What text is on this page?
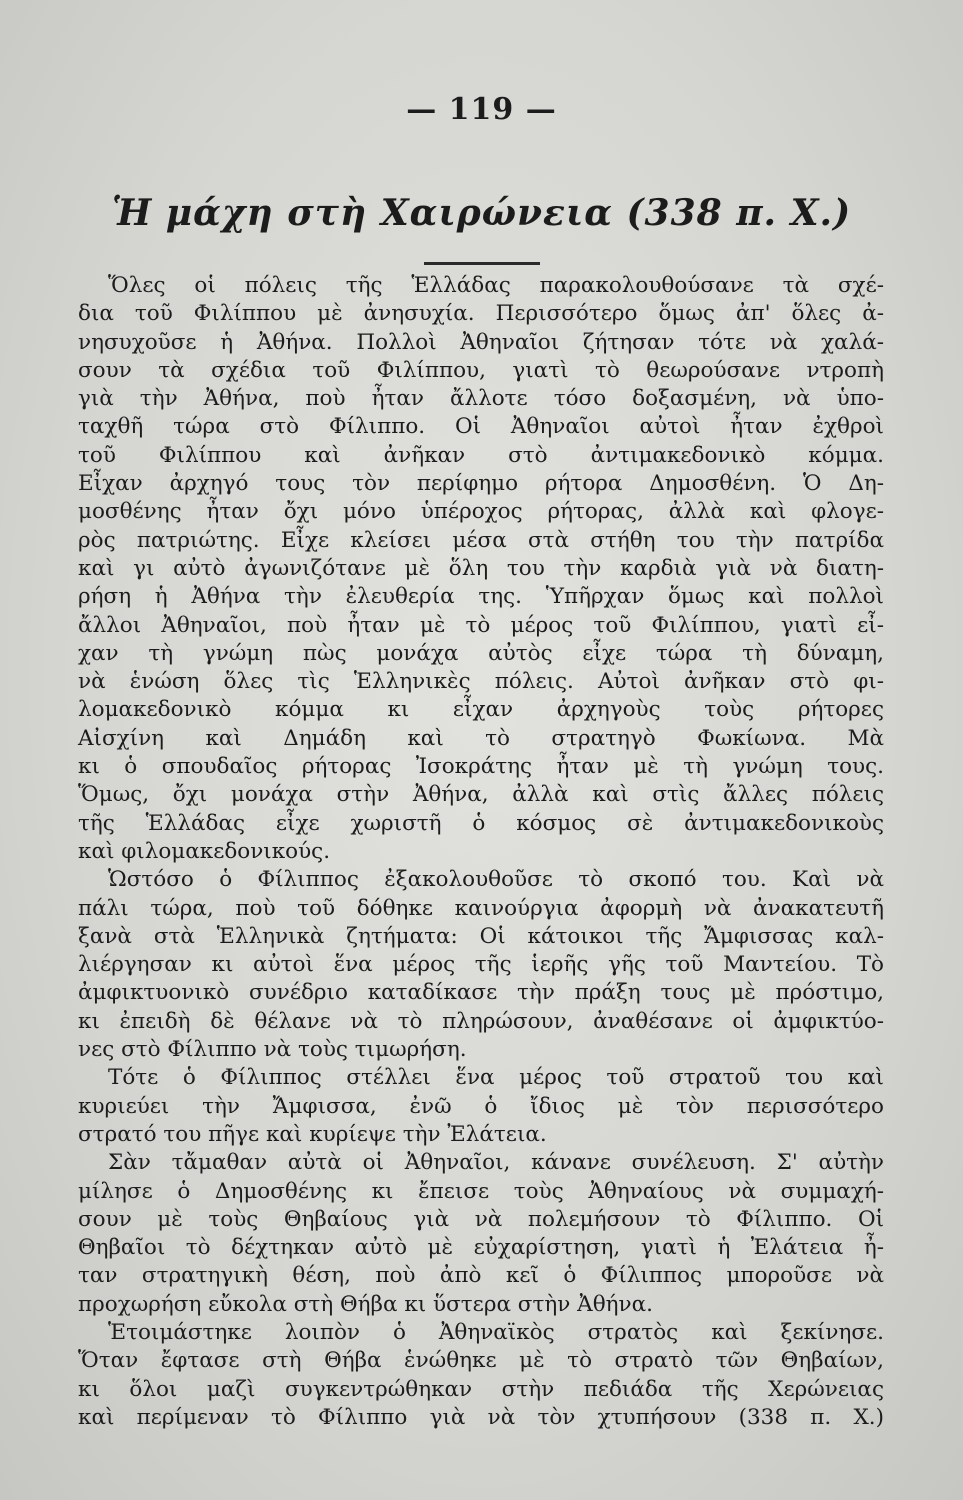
— 119 —
Ἡ μάχη στὴ Χαιρώνεια (338 π. Χ.)
Ὅλες οἱ πόλεις τῆς Ἑλλάδας παρακολουθούσανε τὰ σχέ-
δια τοῦ Φιλίππου μὲ ἀνησυχία. Περισσότερο ὅμως ἀπ' ὅλες ἀ-
νησυχοῦσε ἡ Ἀθήνα. Πολλοὶ Ἀθηναῖοι ζήτησαν τότε νὰ χαλά-
σουν τὰ σχέδια τοῦ Φιλίππου, γιατὶ τὸ θεωρούσανε ντροπὴ
γιὰ τὴν Ἀθήνα, ποὺ ἦταν ἄλλοτε τόσο δοξασμένη, νὰ ὑπο-
ταχθῆ τώρα στὸ Φίλιππο. Οἱ Ἀθηναῖοι αὐτοὶ ἦταν ἐχθροὶ
τοῦ Φιλίππου καὶ ἀνῆκαν στὸ ἀντιμακεδονικὸ κόμμα.
Εἶχαν ἀρχηγό τους τὸν περίφημο ρήτορα Δημοσθένη. Ὁ Δη-
μοσθένης ἦταν ὄχι μόνο ὑπέροχος ρήτορας, ἀλλὰ καὶ φλογε-
ρὸς πατριώτης. Εἶχε κλείσει μέσα στὰ στήθη του τὴν πατρίδα
καὶ γι αὐτὸ ἀγωνιζότανε μὲ ὅλη του τὴν καρδιὰ γιὰ νὰ διατη-
ρήση ἡ Ἀθήνα τὴν ἐλευθερία της. Ὑπῆρχαν ὅμως καὶ πολλοὶ
ἄλλοι Ἀθηναῖοι, ποὺ ἦταν μὲ τὸ μέρος τοῦ Φιλίππου, γιατὶ εἶ-
χαν τὴ γνώμη πὼς μονάχα αὐτὸς εἶχε τώρα τὴ δύναμη,
νὰ ἑνώση ὅλες τὶς Ἑλληνικὲς πόλεις. Αὐτοὶ ἀνῆκαν στὸ φι-
λομακεδονικὸ κόμμα κι εἶχαν ἀρχηγοὺς τοὺς ρήτορες
Αἰσχίνη καὶ Δημάδη καὶ τὸ στρατηγὸ Φωκίωνα. Μὰ
κι ὁ σπουδαῖος ρήτορας Ἰσοκράτης ἦταν μὲ τὴ γνώμη τους.
Ὅμως, ὄχι μονάχα στὴν Ἀθήνα, ἀλλὰ καὶ στὶς ἄλλες πόλεις
τῆς Ἑλλάδας εἶχε χωριστῆ ὁ κόσμος σὲ ἀντιμακεδονικοὺς
καὶ φιλομακεδονικούς.
Ὡστόσο ὁ Φίλιππος ἐξακολουθοῦσε τὸ σκοπό του. Καὶ νὰ
πάλι τώρα, ποὺ τοῦ δόθηκε καινούργια ἀφορμὴ νὰ ἀνακατευτῆ
ξανὰ στὰ Ἑλληνικὰ ζητήματα: Οἱ κάτοικοι τῆς Ἄμφισσας καλ-
λιέργησαν κι αὐτοὶ ἕνα μέρος τῆς ἱερῆς γῆς τοῦ Μαντείου. Τὸ
ἀμφικτυονικὸ συνέδριο καταδίκασε τὴν πράξη τους μὲ πρόστιμο,
κι ἐπειδὴ δὲ θέλανε νὰ τὸ πληρώσουν, ἀναθέσανε οἱ ἀμφικτύο-
νες στὸ Φίλιππο νὰ τοὺς τιμωρήση.
Τότε ὁ Φίλιππος στέλλει ἕνα μέρος τοῦ στρατοῦ του καὶ
κυριεύει τὴν Ἄμφισσα, ἐνῶ ὁ ἴδιος μὲ τὸν περισσότερο
στρατό του πῆγε καὶ κυρίεψε τὴν Ἐλάτεια.
Σὰν τἄμαθαν αὐτὰ οἱ Ἀθηναῖοι, κάνανε συνέλευση. Σ' αὐτὴν
μίλησε ὁ Δημοσθένης κι ἔπεισε τοὺς Ἀθηναίους νὰ συμμαχή-
σουν μὲ τοὺς Θηβαίους γιὰ νὰ πολεμήσουν τὸ Φίλιππο. Οἱ
Θηβαῖοι τὸ δέχτηκαν αὐτὸ μὲ εὐχαρίστηση, γιατὶ ἡ Ἐλάτεια ἦ-
ταν στρατηγικὴ θέση, ποὺ ἀπὸ κεῖ ὁ Φίλιππος μποροῦσε νὰ
προχωρήση εὔκολα στὴ Θήβα κι ὕστερα στὴν Ἀθήνα.
Ἑτοιμάστηκε λοιπὸν ὁ Ἀθηναϊκὸς στρατὸς καὶ ξεκίνησε.
Ὅταν ἔφτασε στὴ Θήβα ἑνώθηκε μὲ τὸ στρατὸ τῶν Θηβαίων,
κι ὅλοι μαζὶ συγκεντρώθηκαν στὴν πεδιάδα τῆς Χερώνειας
καὶ περίμεναν τὸ Φίλιππο γιὰ νὰ τὸν χτυπήσουν (338 π. Χ.)
